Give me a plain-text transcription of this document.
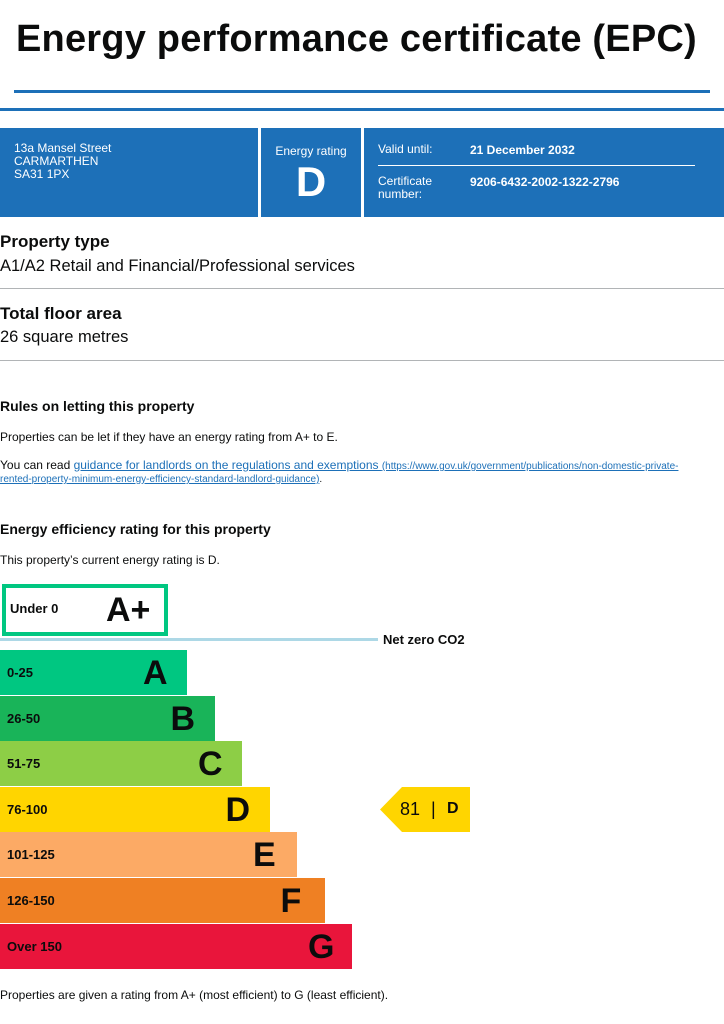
Energy performance certificate (EPC)
13a Mansel Street
CARMARTHEN
SA31 1PX
Energy rating
D
Valid until:	21 December 2032
Certificate
number:
9206-6432-2002-1322-2796
Property type
A1/A2 Retail and Financial/Professional services
Total floor area
26 square metres
Rules on letting this property
Properties can be let if they have an energy rating from A+ to E.
You can read guidance for landlords on the regulations and exemptions (https://www.gov.uk/government/publications/non-domestic-private-
rented-property-minimum-energy-efficiency-standard-landlord-guidance).
Energy efficiency rating for this property
This property’s current energy rating is D.
Under 0 A+
Net zero CO2
0-25	A
26-50	B
51-75	C
76-100	D
101-125	E
126-150	F
Over 150	G
81 | D
Properties are given a rating from A+ (most efficient) to G (least efficient).
